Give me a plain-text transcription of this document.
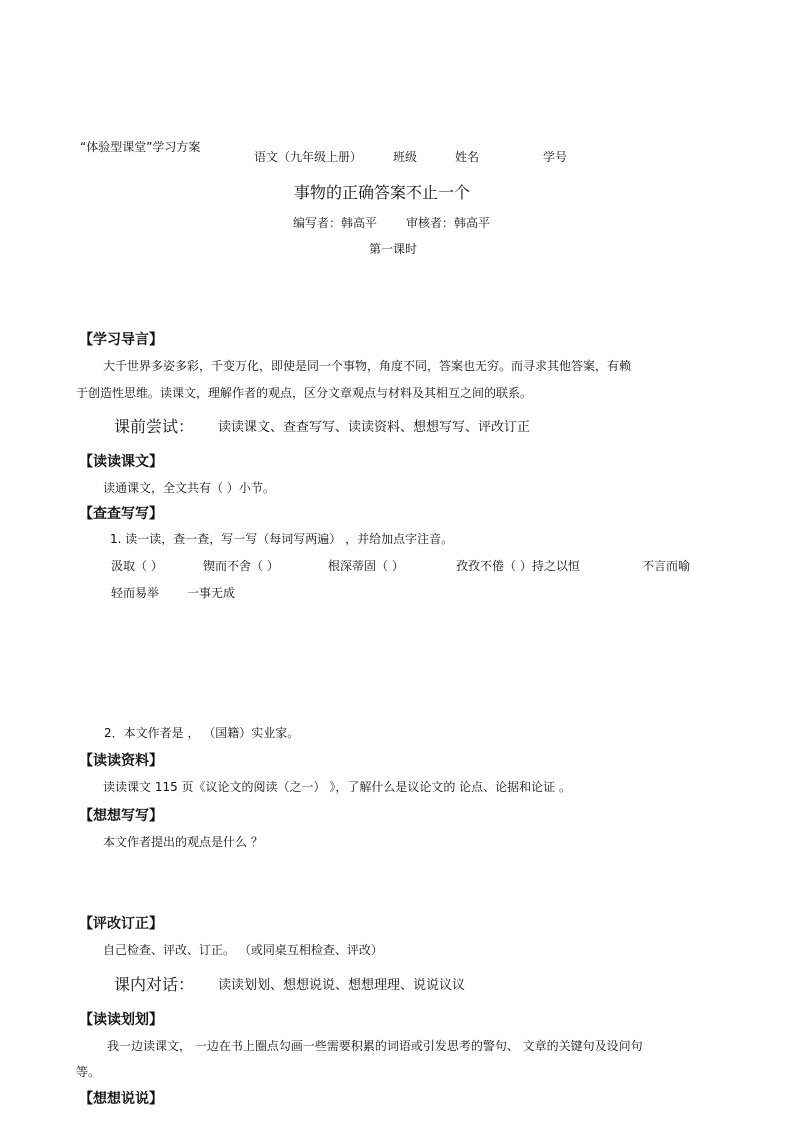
“体验型课堂”学习方案
语文（九年级上册）	班级	姓名	学号
事物的正确答案不止一个
编写者：韩高平 审核者：韩高平
第一课时
【学习导言】
大千世界多姿多彩，千变万化，即使是同一个事物，角度不同，答案也无穷。而寻求其他答案，有赖
于创造性思维。读课文，理解作者的观点，区分文章观点与材料及其相互之间的联系。
课前尝试： 读读课文、查查写写、读读资料、想想写写、评改订正
【读读课文】
读通课文，全文共有（ ）小节。
【查查写写】
1. 读一读，查一查，写一写（每词写两遍） ，并给加点字注音。
汲取（ ）	锲而不舍（ ）	根深蒂固（ ）	孜孜不倦（ ）持之以恒	不言而喻
轻而易举 一事无成
2．本文作者是 ， （国籍）实业家。
【读读资料】
读读课文 115 页《议论文的阅读（之一） 》，了解什么是议论文的 论点、论据和论证 。
【想想写写】
本文作者提出的观点是什么 ？
【评改订正】
自己检查、评改、订正。 （或同桌互相检查、评改）
课内对话： 读读划划、想想说说、想想理理、说说议议
【读读划划】
我一边读课文， 一边在书上圈点勾画一些需要积累的词语或引发思考的警句、 文章的关键句及设问句
等。
【想想说说】
